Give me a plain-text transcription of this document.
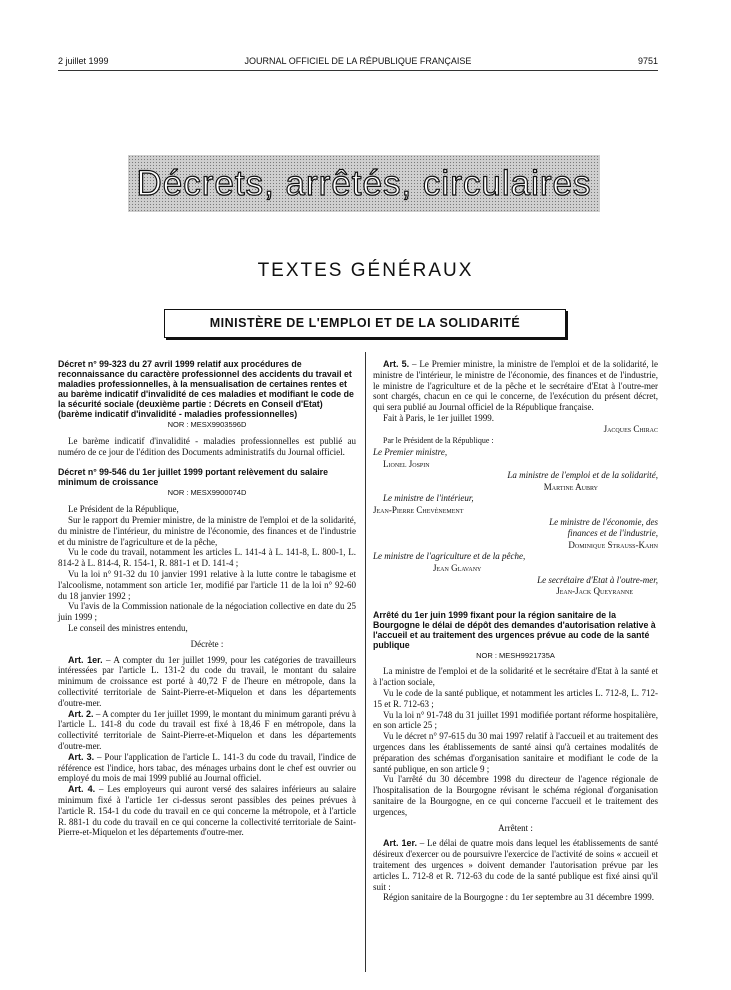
2 juillet 1999	JOURNAL OFFICIEL DE LA RÉPUBLIQUE FRANÇAISE	9751
Décrets, arrêtés, circulaires
TEXTES GÉNÉRAUX
MINISTÈRE DE L'EMPLOI ET DE LA SOLIDARITÉ
Décret n° 99-323 du 27 avril 1999 relatif aux procédures de reconnaissance du caractère professionnel des accidents du travail et maladies professionnelles, à la mensualisation de certaines rentes et au barème indicatif d'invalidité de ces maladies et modifiant le code de la sécurité sociale (deuxième partie : Décrets en Conseil d'Etat) (barème indicatif d'invalidité - maladies professionnelles)
NOR : MESX9903596D

Le barème indicatif d'invalidité - maladies professionnelles est publié au numéro de ce jour de l'édition des Documents administratifs du Journal officiel.

Décret n° 99-546 du 1er juillet 1999 portant relèvement du salaire minimum de croissance
NOR : MESX9900074D

Le Président de la République,

Sur le rapport du Premier ministre, de la ministre de l'emploi et de la solidarité, du ministre de l'intérieur, du ministre de l'économie, des finances et de l'industrie et du ministre de l'agriculture et de la pêche,

Vu le code du travail, notamment les articles L. 141-4 à L. 141-8, L. 800-1, L. 814-2 à L. 814-4, R. 154-1, R. 881-1 et D. 141-4 ;

Vu la loi n° 91-32 du 10 janvier 1991 relative à la lutte contre le tabagisme et l'alcoolisme, notamment son article 1er, modifié par l'article 11 de la loi n° 92-60 du 18 janvier 1992 ;

Vu l'avis de la Commission nationale de la négociation collective en date du 25 juin 1999 ;

Le conseil des ministres entendu,

Décrète :

Art. 1er. – A compter du 1er juillet 1999, pour les catégories de travailleurs intéressées par l'article L. 131-2 du code du travail, le montant du salaire minimum de croissance est porté à 40,72 F de l'heure en métropole, dans la collectivité territoriale de Saint-Pierre-et-Miquelon et dans les départements d'outre-mer.

Art. 2. – A compter du 1er juillet 1999, le montant du minimum garanti prévu à l'article L. 141-8 du code du travail est fixé à 18,46 F en métropole, dans la collectivité territoriale de Saint-Pierre-et-Miquelon et dans les départements d'outre-mer.

Art. 3. – Pour l'application de l'article L. 141-3 du code du travail, l'indice de référence est l'indice, hors tabac, des ménages urbains dont le chef est ouvrier ou employé du mois de mai 1999 publié au Journal officiel.

Art. 4. – Les employeurs qui auront versé des salaires inférieurs au salaire minimum fixé à l'article 1er ci-dessus seront passibles des peines prévues à l'article R. 154-1 du code du travail en ce qui concerne la métropole, et à l'article R. 881-1 du code du travail en ce qui concerne la collectivité territoriale de Saint-Pierre-et-Miquelon et les départements d'outre-mer.

Art. 5. – Le Premier ministre, la ministre de l'emploi et de la solidarité, le ministre de l'intérieur, le ministre de l'économie, des finances et de l'industrie, le ministre de l'agriculture et de la pêche et le secrétaire d'Etat à l'outre-mer sont chargés, chacun en ce qui le concerne, de l'exécution du présent décret, qui sera publié au Journal officiel de la République française.

Fait à Paris, le 1er juillet 1999.

Jacques Chirac
Par le Président de la République :
Le Premier ministre,
Lionel Jospin
La ministre de l'emploi et de la solidarité,
Martine Aubry
Le ministre de l'intérieur,
Jean-Pierre Chevènement
Le ministre de l'économie, des finances et de l'industrie,
Dominique Strauss-Kahn
Le ministre de l'agriculture et de la pêche,
Jean Glavany
Le secrétaire d'Etat à l'outre-mer,
Jean-Jack Queyranne
Arrêté du 1er juin 1999 fixant pour la région sanitaire de la Bourgogne le délai de dépôt des demandes d'autorisation relative à l'accueil et au traitement des urgences prévue au code de la santé publique
NOR : MESH9921735A

La ministre de l'emploi et de la solidarité et le secrétaire d'Etat à la santé et à l'action sociale,

Vu le code de la santé publique, et notamment les articles L. 712-8, L. 712-15 et R. 712-63 ;

Vu la loi n° 91-748 du 31 juillet 1991 modifiée portant réforme hospitalière, en son article 25 ;

Vu le décret n° 97-615 du 30 mai 1997 relatif à l'accueil et au traitement des urgences dans les établissements de santé ainsi qu'à certaines modalités de préparation des schémas d'organisation sanitaire et modifiant le code de la santé publique, en son article 9 ;

Vu l'arrêté du 30 décembre 1998 du directeur de l'agence régionale de l'hospitalisation de la Bourgogne révisant le schéma régional d'organisation sanitaire de la Bourgogne, en ce qui concerne l'accueil et le traitement des urgences,

Arrêtent :

Art. 1er. – Le délai de quatre mois dans lequel les établissements de santé désireux d'exercer ou de poursuivre l'exercice de l'activité de soins « accueil et traitement des urgences » doivent demander l'autorisation prévue par les articles L. 712-8 et R. 712-63 du code de la santé publique est fixé ainsi qu'il suit :

Région sanitaire de la Bourgogne : du 1er septembre au 31 décembre 1999.
